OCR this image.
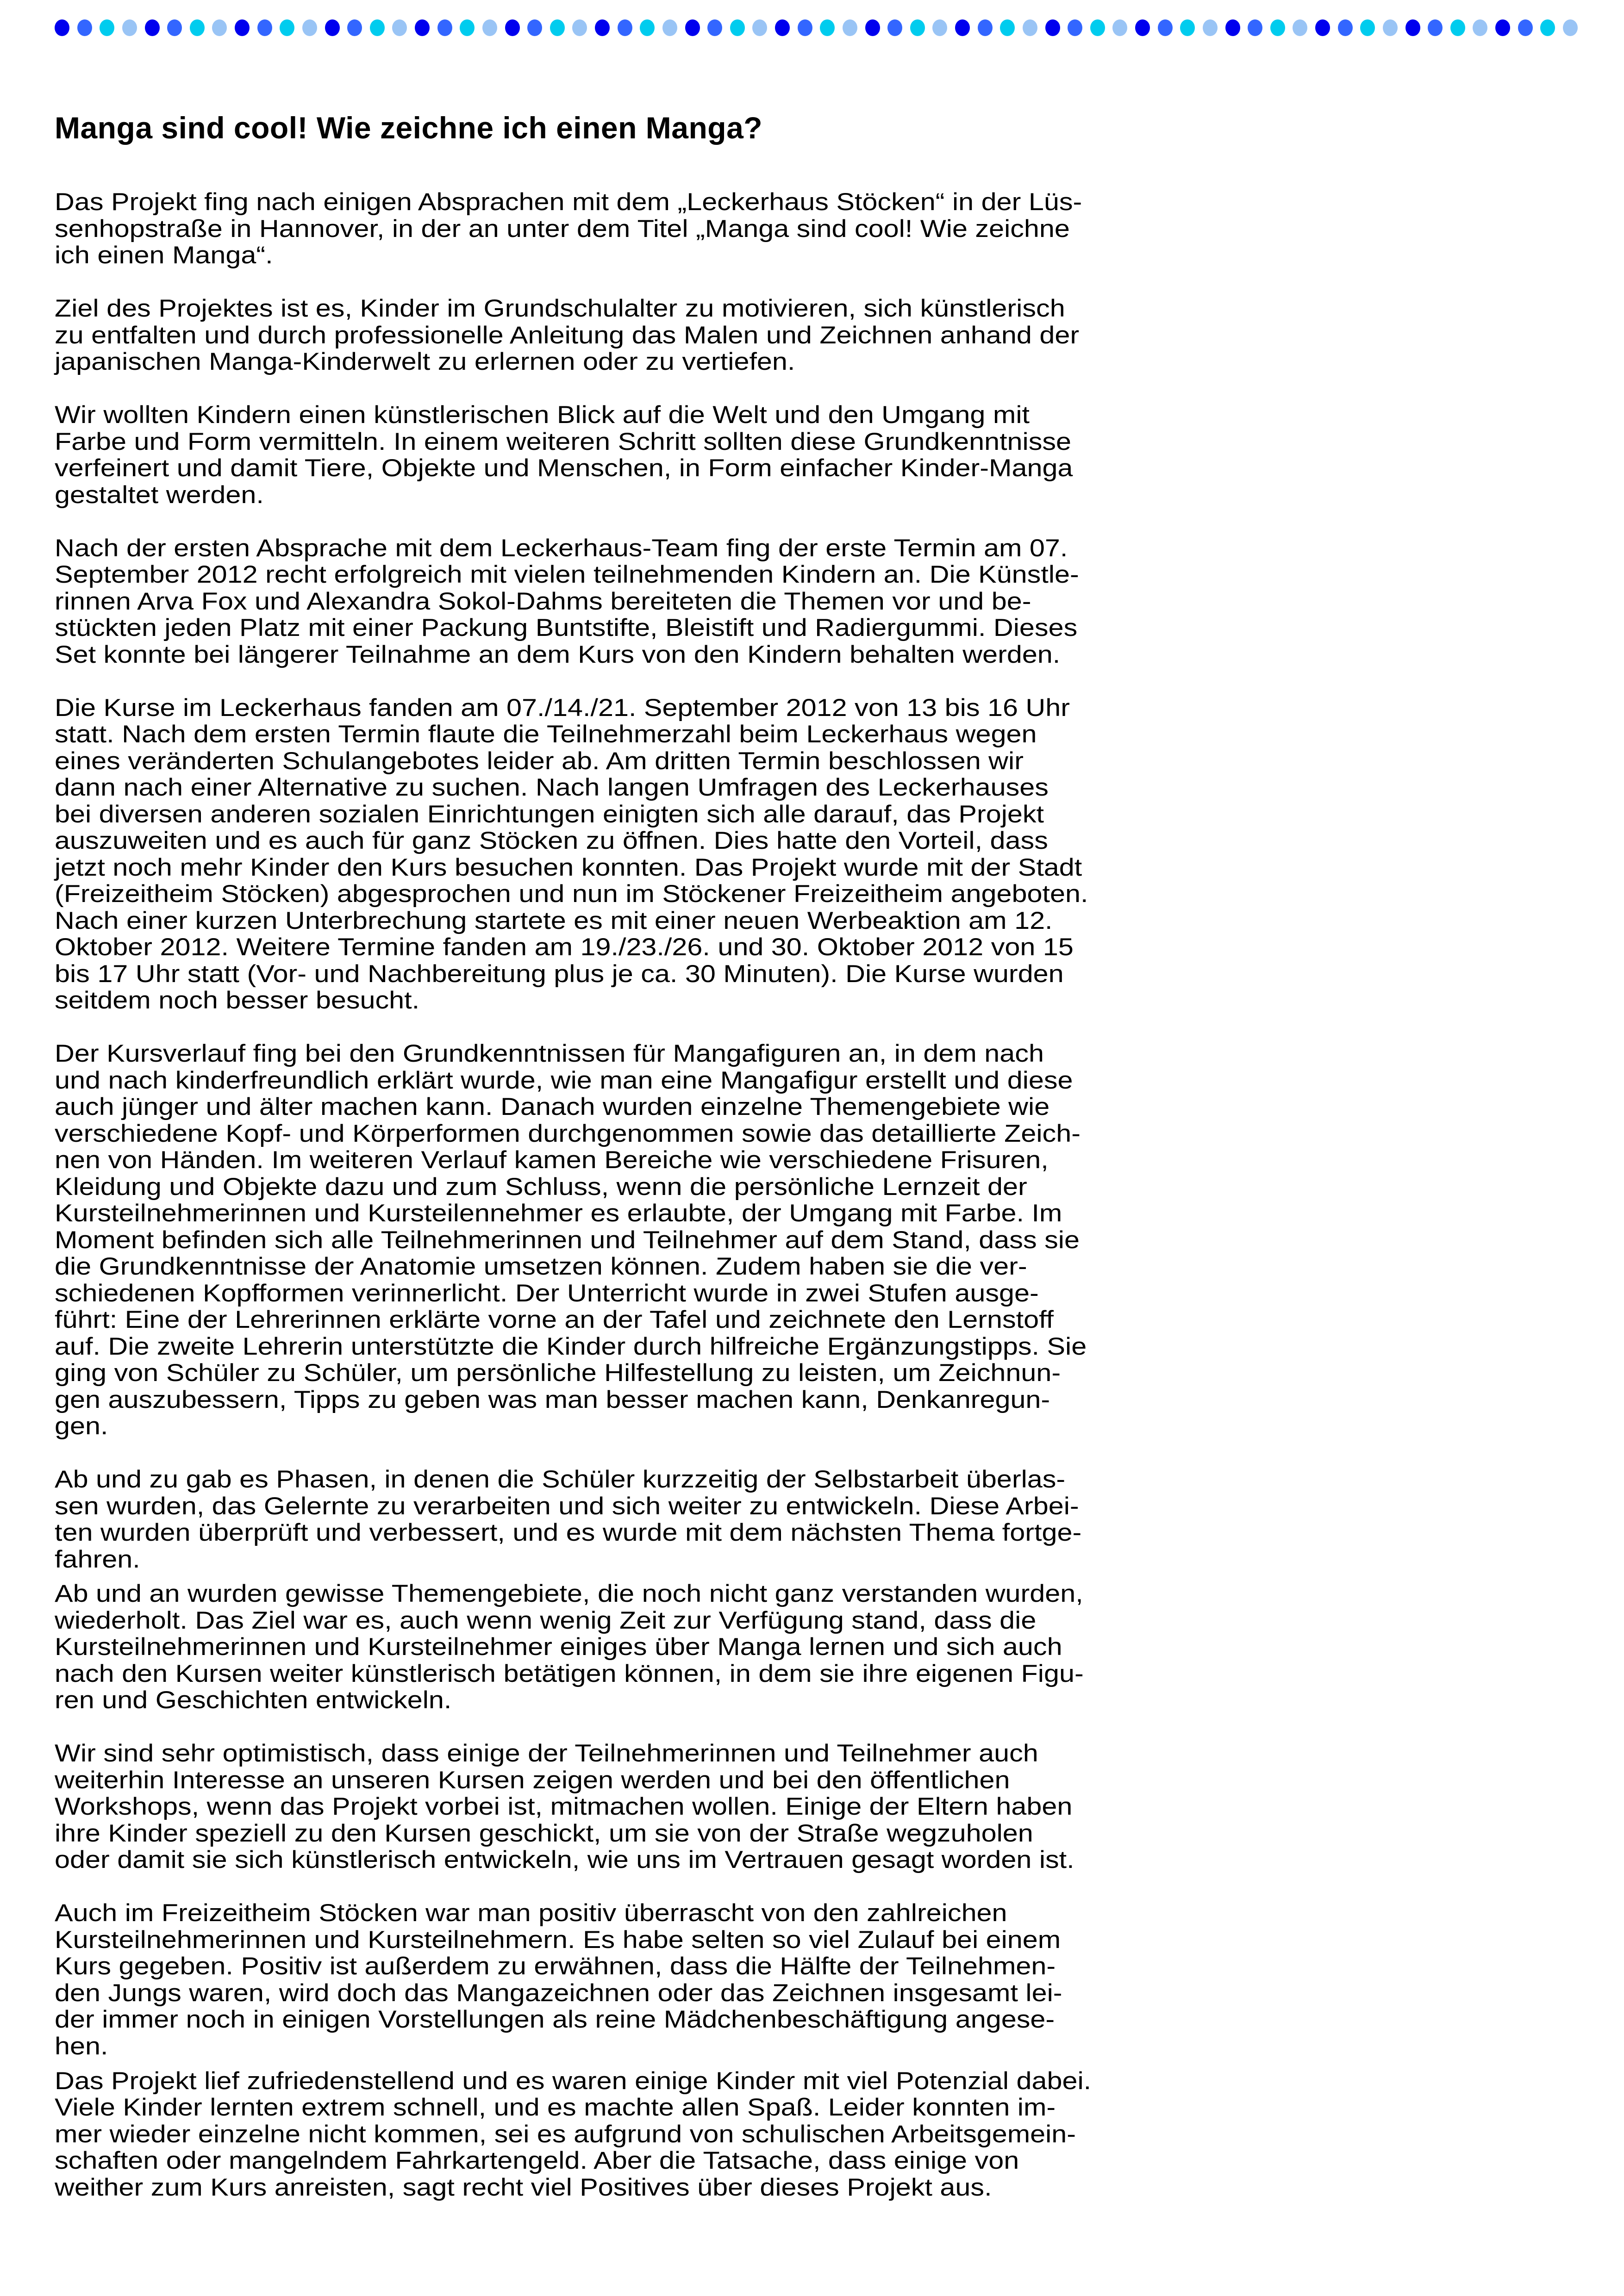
Manga sind cool! Wie zeichne ich einen Manga?

Das Projekt fing nach einigen Absprachen mit dem „Leckerhaus Stöcken“ in der Lüs-
senhopstraße in Hannover, in der an unter dem Titel „Manga sind cool! Wie zeichne
ich einen Manga“.

Ziel des Projektes ist es, Kinder im Grundschulalter zu motivieren, sich künstlerisch
zu entfalten und durch professionelle Anleitung das Malen und Zeichnen anhand der
japanischen Manga-Kinderwelt zu erlernen oder zu vertiefen.

Wir wollten Kindern einen künstlerischen Blick auf die Welt und den Umgang mit
Farbe und Form vermitteln. In einem weiteren Schritt sollten diese Grundkenntnisse
verfeinert und damit Tiere, Objekte und Menschen, in Form einfacher Kinder-Manga
gestaltet werden.

Nach der ersten Absprache mit dem Leckerhaus-Team fing der erste Termin am 07.
September 2012 recht erfolgreich mit vielen teilnehmenden Kindern an. Die Künstle-
rinnen Arva Fox und Alexandra Sokol-Dahms bereiteten die Themen vor und be-
stückten jeden Platz mit einer Packung Buntstifte, Bleistift und Radiergummi. Dieses
Set konnte bei längerer Teilnahme an dem Kurs von den Kindern behalten werden.

Die Kurse im Leckerhaus fanden am 07./14./21. September 2012 von 13 bis 16 Uhr
statt. Nach dem ersten Termin flaute die Teilnehmerzahl beim Leckerhaus wegen
eines veränderten Schulangebotes leider ab. Am dritten Termin beschlossen wir
dann nach einer Alternative zu suchen. Nach langen Umfragen des Leckerhauses
bei diversen anderen sozialen Einrichtungen einigten sich alle darauf, das Projekt
auszuweiten und es auch für ganz Stöcken zu öffnen. Dies hatte den Vorteil, dass
jetzt noch mehr Kinder den Kurs besuchen konnten. Das Projekt wurde mit der Stadt
(Freizeitheim Stöcken) abgesprochen und nun im Stöckener Freizeitheim angeboten.
Nach einer kurzen Unterbrechung startete es mit einer neuen Werbeaktion am 12.
Oktober 2012. Weitere Termine fanden am 19./23./26. und 30. Oktober 2012 von 15
bis 17 Uhr statt (Vor- und Nachbereitung plus je ca. 30 Minuten). Die Kurse wurden
seitdem noch besser besucht.

Der Kursverlauf fing bei den Grundkenntnissen für Mangafiguren an, in dem nach
und nach kinderfreundlich erklärt wurde, wie man eine Mangafigur erstellt und diese
auch jünger und älter machen kann. Danach wurden einzelne Themengebiete wie
verschiedene Kopf- und Körperformen durchgenommen sowie das detaillierte Zeich-
nen von Händen. Im weiteren Verlauf kamen Bereiche wie verschiedene Frisuren,
Kleidung und Objekte dazu und zum Schluss, wenn die persönliche Lernzeit der
Kursteilnehmerinnen und Kursteilennehmer es erlaubte, der Umgang mit Farbe. Im
Moment befinden sich alle Teilnehmerinnen und Teilnehmer auf dem Stand, dass sie
die Grundkenntnisse der Anatomie umsetzen können. Zudem haben sie die ver-
schiedenen Kopfformen verinnerlicht. Der Unterricht wurde in zwei Stufen ausge-
führt: Eine der Lehrerinnen erklärte vorne an der Tafel und zeichnete den Lernstoff
auf. Die zweite Lehrerin unterstützte die Kinder durch hilfreiche Ergänzungstipps. Sie
ging von Schüler zu Schüler, um persönliche Hilfestellung zu leisten, um Zeichnun-
gen auszubessern, Tipps zu geben was man besser machen kann, Denkanregun-
gen.

Ab und zu gab es Phasen, in denen die Schüler kurzzeitig der Selbstarbeit überlas-
sen wurden, das Gelernte zu verarbeiten und sich weiter zu entwickeln. Diese Arbei-
ten wurden überprüft und verbessert, und es wurde mit dem nächsten Thema fortge-
fahren.

Ab und an wurden gewisse Themengebiete, die noch nicht ganz verstanden wurden,
wiederholt. Das Ziel war es, auch wenn wenig Zeit zur Verfügung stand, dass die
Kursteilnehmerinnen und Kursteilnehmer einiges über Manga lernen und sich auch
nach den Kursen weiter künstlerisch betätigen können, in dem sie ihre eigenen Figu-
ren und Geschichten entwickeln.

Wir sind sehr optimistisch, dass einige der Teilnehmerinnen und Teilnehmer auch
weiterhin Interesse an unseren Kursen zeigen werden und bei den öffentlichen
Workshops, wenn das Projekt vorbei ist, mitmachen wollen. Einige der Eltern haben
ihre Kinder speziell zu den Kursen geschickt, um sie von der Straße wegzuholen
oder damit sie sich künstlerisch entwickeln, wie uns im Vertrauen gesagt worden ist.

Auch im Freizeitheim Stöcken war man positiv überrascht von den zahlreichen
Kursteilnehmerinnen und Kursteilnehmern. Es habe selten so viel Zulauf bei einem
Kurs gegeben. Positiv ist außerdem zu erwähnen, dass die Hälfte der Teilnehmen-
den Jungs waren, wird doch das Mangazeichnen oder das Zeichnen insgesamt lei-
der immer noch in einigen Vorstellungen als reine Mädchenbeschäftigung angese-
hen.

Das Projekt lief zufriedenstellend und es waren einige Kinder mit viel Potenzial dabei.
Viele Kinder lernten extrem schnell, und es machte allen Spaß. Leider konnten im-
mer wieder einzelne nicht kommen, sei es aufgrund von schulischen Arbeitsgemein-
schaften oder mangelndem Fahrkartengeld. Aber die Tatsache, dass einige von
weither zum Kurs anreisten, sagt recht viel Positives über dieses Projekt aus.
